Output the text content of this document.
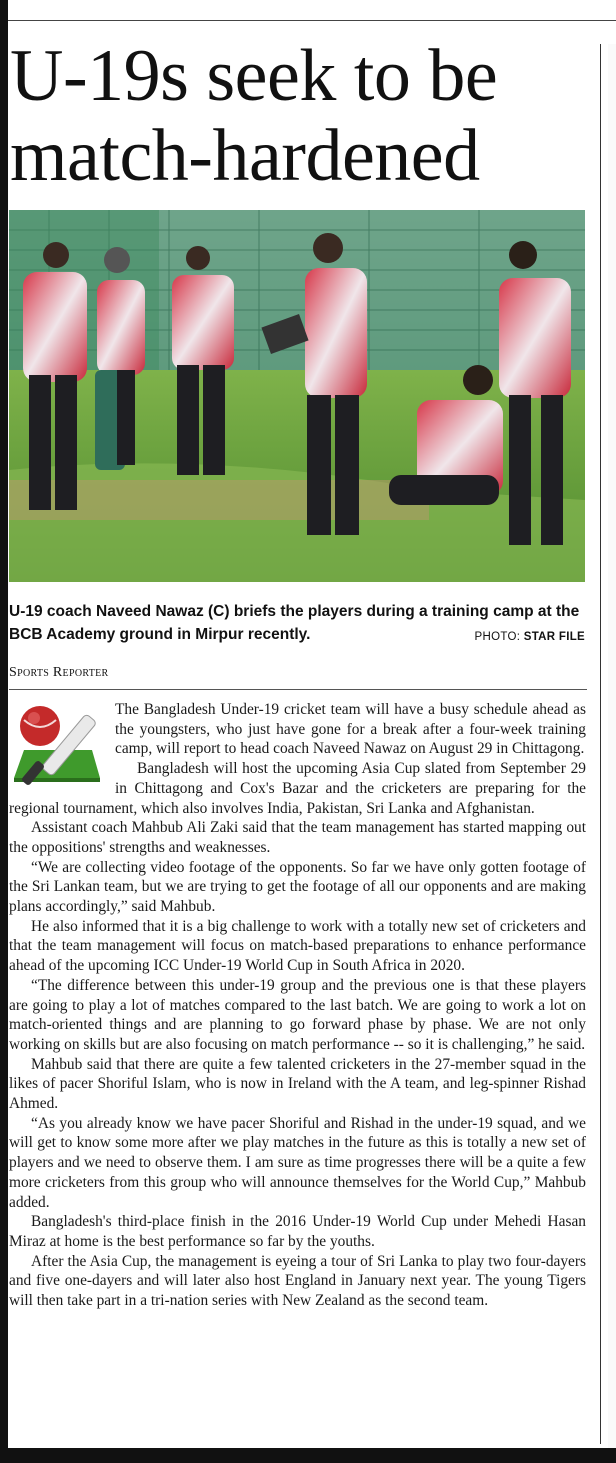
U-19s seek to be match-hardened
U-19 coach Naveed Nawaz (C) briefs the players during a training camp at the BCB Academy ground in Mirpur recently.	PHOTO: STAR FILE
Sports Reporter

The Bangladesh Under-19 cricket team will have a busy schedule ahead as the youngsters, who just have gone for a break after a four-week training camp, will report to head coach Naveed Nawaz on August 29 in Chittagong.

Bangladesh will host the upcoming Asia Cup slated from September 29 in Chittagong and Cox's Bazar and the cricketers are preparing for the regional tournament, which also involves India, Pakistan, Sri Lanka and Afghanistan.

Assistant coach Mahbub Ali Zaki said that the team management has started mapping out the oppositions' strengths and weaknesses.

“We are collecting video footage of the opponents. So far we have only gotten footage of the Sri Lankan team, but we are trying to get the footage of all our opponents and are making plans accordingly,” said Mahbub.

He also informed that it is a big challenge to work with a totally new set of cricketers and that the team management will focus on match-based preparations to enhance performance ahead of the upcoming ICC Under-19 World Cup in South Africa in 2020.

“The difference between this under-19 group and the previous one is that these players are going to play a lot of matches compared to the last batch. We are going to work a lot on match-oriented things and are planning to go forward phase by phase. We are not only working on skills but are also focusing on match performance -- so it is challenging,” he said.

Mahbub said that there are quite a few talented cricketers in the 27-member squad in the likes of pacer Shoriful Islam, who is now in Ireland with the A team, and leg-spinner Rishad Ahmed.

“As you already know we have pacer Shoriful and Rishad in the under-19 squad, and we will get to know some more after we play matches in the future as this is totally a new set of players and we need to observe them. I am sure as time progresses there will be a quite a few more cricketers from this group who will announce themselves for the World Cup,” Mahbub added.

Bangladesh's third-place finish in the 2016 Under-19 World Cup under Mehedi Hasan Miraz at home is the best performance so far by the youths.

After the Asia Cup, the management is eyeing a tour of Sri Lanka to play two four-dayers and five one-dayers and will later also host England in January next year. The young Tigers will then take part in a tri-nation series with New Zealand as the second team.
